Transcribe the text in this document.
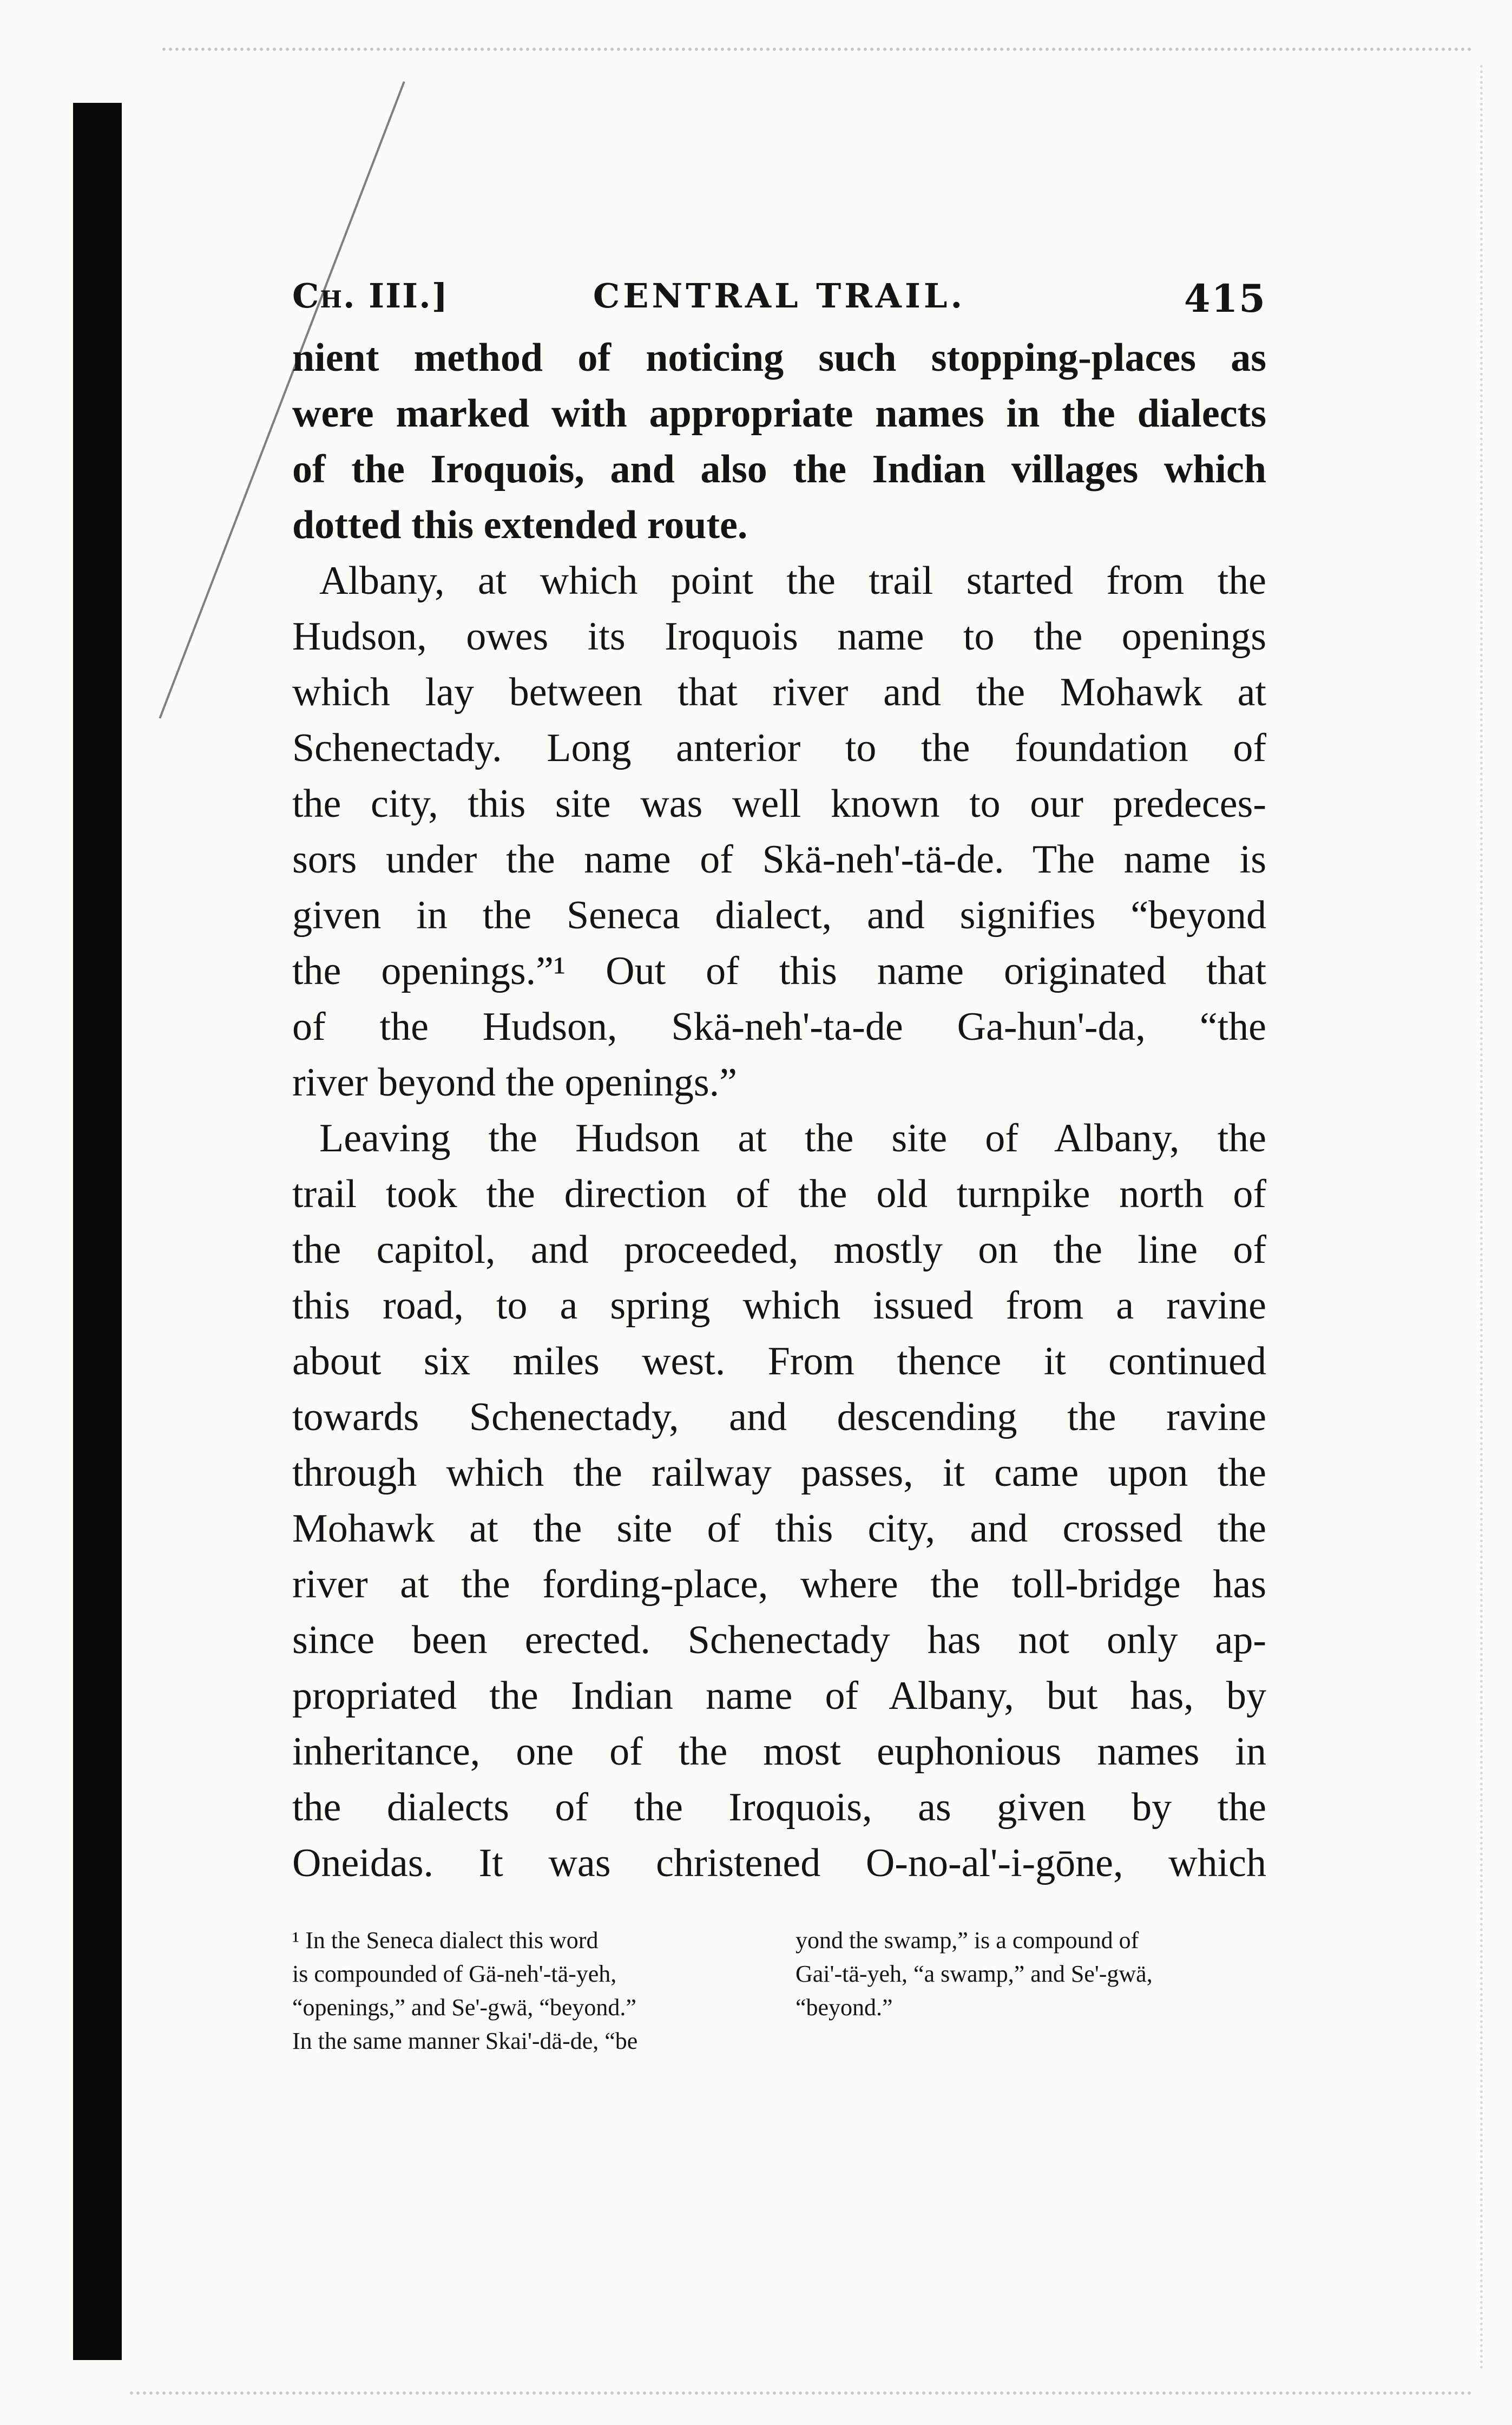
Ch. III.]	CENTRAL TRAIL.	415

nient method of noticing such stopping-places as
were marked with appropriate names in the dialects
of the Iroquois, and also the Indian villages which

dotted this extended route.

Albany, at which point the trail started from the
Hudson, owes its Iroquois name to the openings
which lay between that river and the Mohawk at
Schenectady. Long anterior to the foundation of
the city, this site was well known to our predeces-
sors under the name of Skä-neh'-tä-de. The name is
given in the Seneca dialect, and signifies “beyond
the openings.”¹ Out of this name originated that
of the Hudson, Skä-neh'-ta-de Ga-hun'-da, “the

river beyond the openings.”

Leaving the Hudson at the site of Albany, the
trail took the direction of the old turnpike north of
the capitol, and proceeded, mostly on the line of
this road, to a spring which issued from a ravine
about six miles west. From thence it continued
towards Schenectady, and descending the ravine
through which the railway passes, it came upon the
Mohawk at the site of this city, and crossed the
river at the fording-place, where the toll-bridge has
since been erected. Schenectady has not only ap-
propriated the Indian name of Albany, but has, by
inheritance, one of the most euphonious names in
the dialects of the Iroquois, as given by the
Oneidas. It was christened O-no-al'-i-gōne, which

¹ In the Seneca dialect this word
is compounded of Gä-neh'-tä-yeh,
“openings,” and Se'-gwä, “beyond.”
In the same manner Skai'-dä-de, “be
yond the swamp,” is a compound of
Gai'-tä-yeh, “a swamp,” and Se'-gwä,
“beyond.”
